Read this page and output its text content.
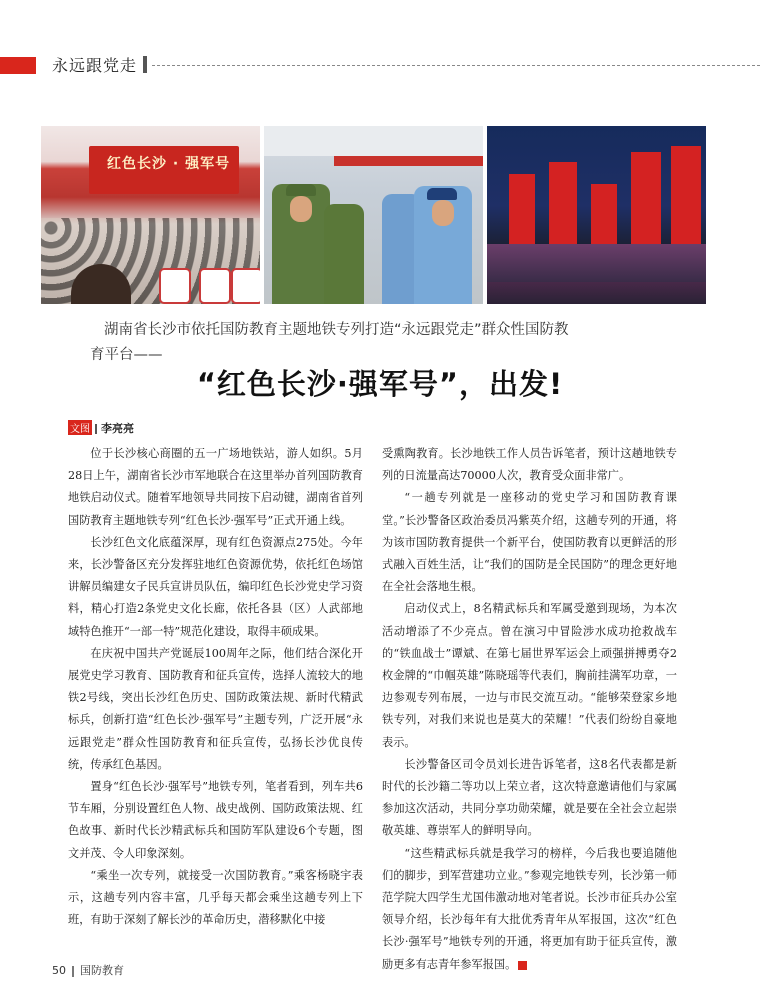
永远跟党走
红色长沙 · 强军号
湖南省长沙市依托国防教育主题地铁专列打造“永远跟党走”群众性国防教
育平台——
“红色长沙·强军号”，出发!
文图 李亮亮

位于长沙核心商圈的五一广场地铁站，游人如织。5月28日上午，湖南省长沙市军地联合在这里举办首列国防教育地铁启动仪式。随着军地领导共同按下启动键，湖南省首列国防教育主题地铁专列“红色长沙·强军号”正式开通上线。

长沙红色文化底蕴深厚，现有红色资源点275处。今年来，长沙警备区充分发挥驻地红色资源优势，依托红色场馆讲解员编建女子民兵宣讲员队伍，编印红色长沙党史学习资料，精心打造2条党史文化长廊，依托各县（区）人武部地域特色推开“一部一特”规范化建设，取得丰硕成果。

在庆祝中国共产党诞辰100周年之际，他们结合深化开展党史学习教育、国防教育和征兵宣传，选择人流较大的地铁2号线，突出长沙红色历史、国防政策法规、新时代精武标兵，创新打造“红色长沙·强军号”主题专列，广泛开展“永远跟党走”群众性国防教育和征兵宣传，弘扬长沙优良传统，传承红色基因。

置身“红色长沙·强军号”地铁专列，笔者看到，列车共6节车厢，分别设置红色人物、战史战例、国防政策法规、红色故事、新时代长沙精武标兵和国防军队建设6个专题，图文并茂、令人印象深刻。

“乘坐一次专列，就接受一次国防教育。”乘客杨晓宇表示，这趟专列内容丰富，几乎每天都会乘坐这趟专列上下班，有助于深刻了解长沙的革命历史，潜移默化中接

受熏陶教育。长沙地铁工作人员告诉笔者，预计这趟地铁专列的日流量高达70000人次，教育受众面非常广。

“一趟专列就是一座移动的党史学习和国防教育课堂。”长沙警备区政治委员冯紫英介绍，这趟专列的开通，将为该市国防教育提供一个新平台，使国防教育以更鲜活的形式融入百姓生活，让“我们的国防是全民国防”的理念更好地在全社会落地生根。

启动仪式上，8名精武标兵和军属受邀到现场，为本次活动增添了不少亮点。曾在演习中冒险涉水成功抢救战车的“铁血战士”谭斌、在第七届世界军运会上顽强拼搏勇夺2枚金牌的“巾帼英雄”陈晓瑶等代表们，胸前挂满军功章，一边参观专列布展，一边与市民交流互动。“能够荣登家乡地铁专列，对我们来说也是莫大的荣耀！”代表们纷纷自豪地表示。

长沙警备区司令员刘长进告诉笔者，这8名代表都是新时代的长沙籍二等功以上荣立者，这次特意邀请他们与家属参加这次活动，共同分享功勋荣耀，就是要在全社会立起崇敬英雄、尊崇军人的鲜明导向。

“这些精武标兵就是我学习的榜样，今后我也要追随他们的脚步，到军营建功立业。”参观完地铁专列，长沙第一师范学院大四学生尤国伟激动地对笔者说。长沙市征兵办公室领导介绍，长沙每年有大批优秀青年从军报国，这次“红色长沙·强军号”地铁专列的开通，将更加有助于征兵宣传，激励更多有志青年参军报国。	G

50 国防教育
